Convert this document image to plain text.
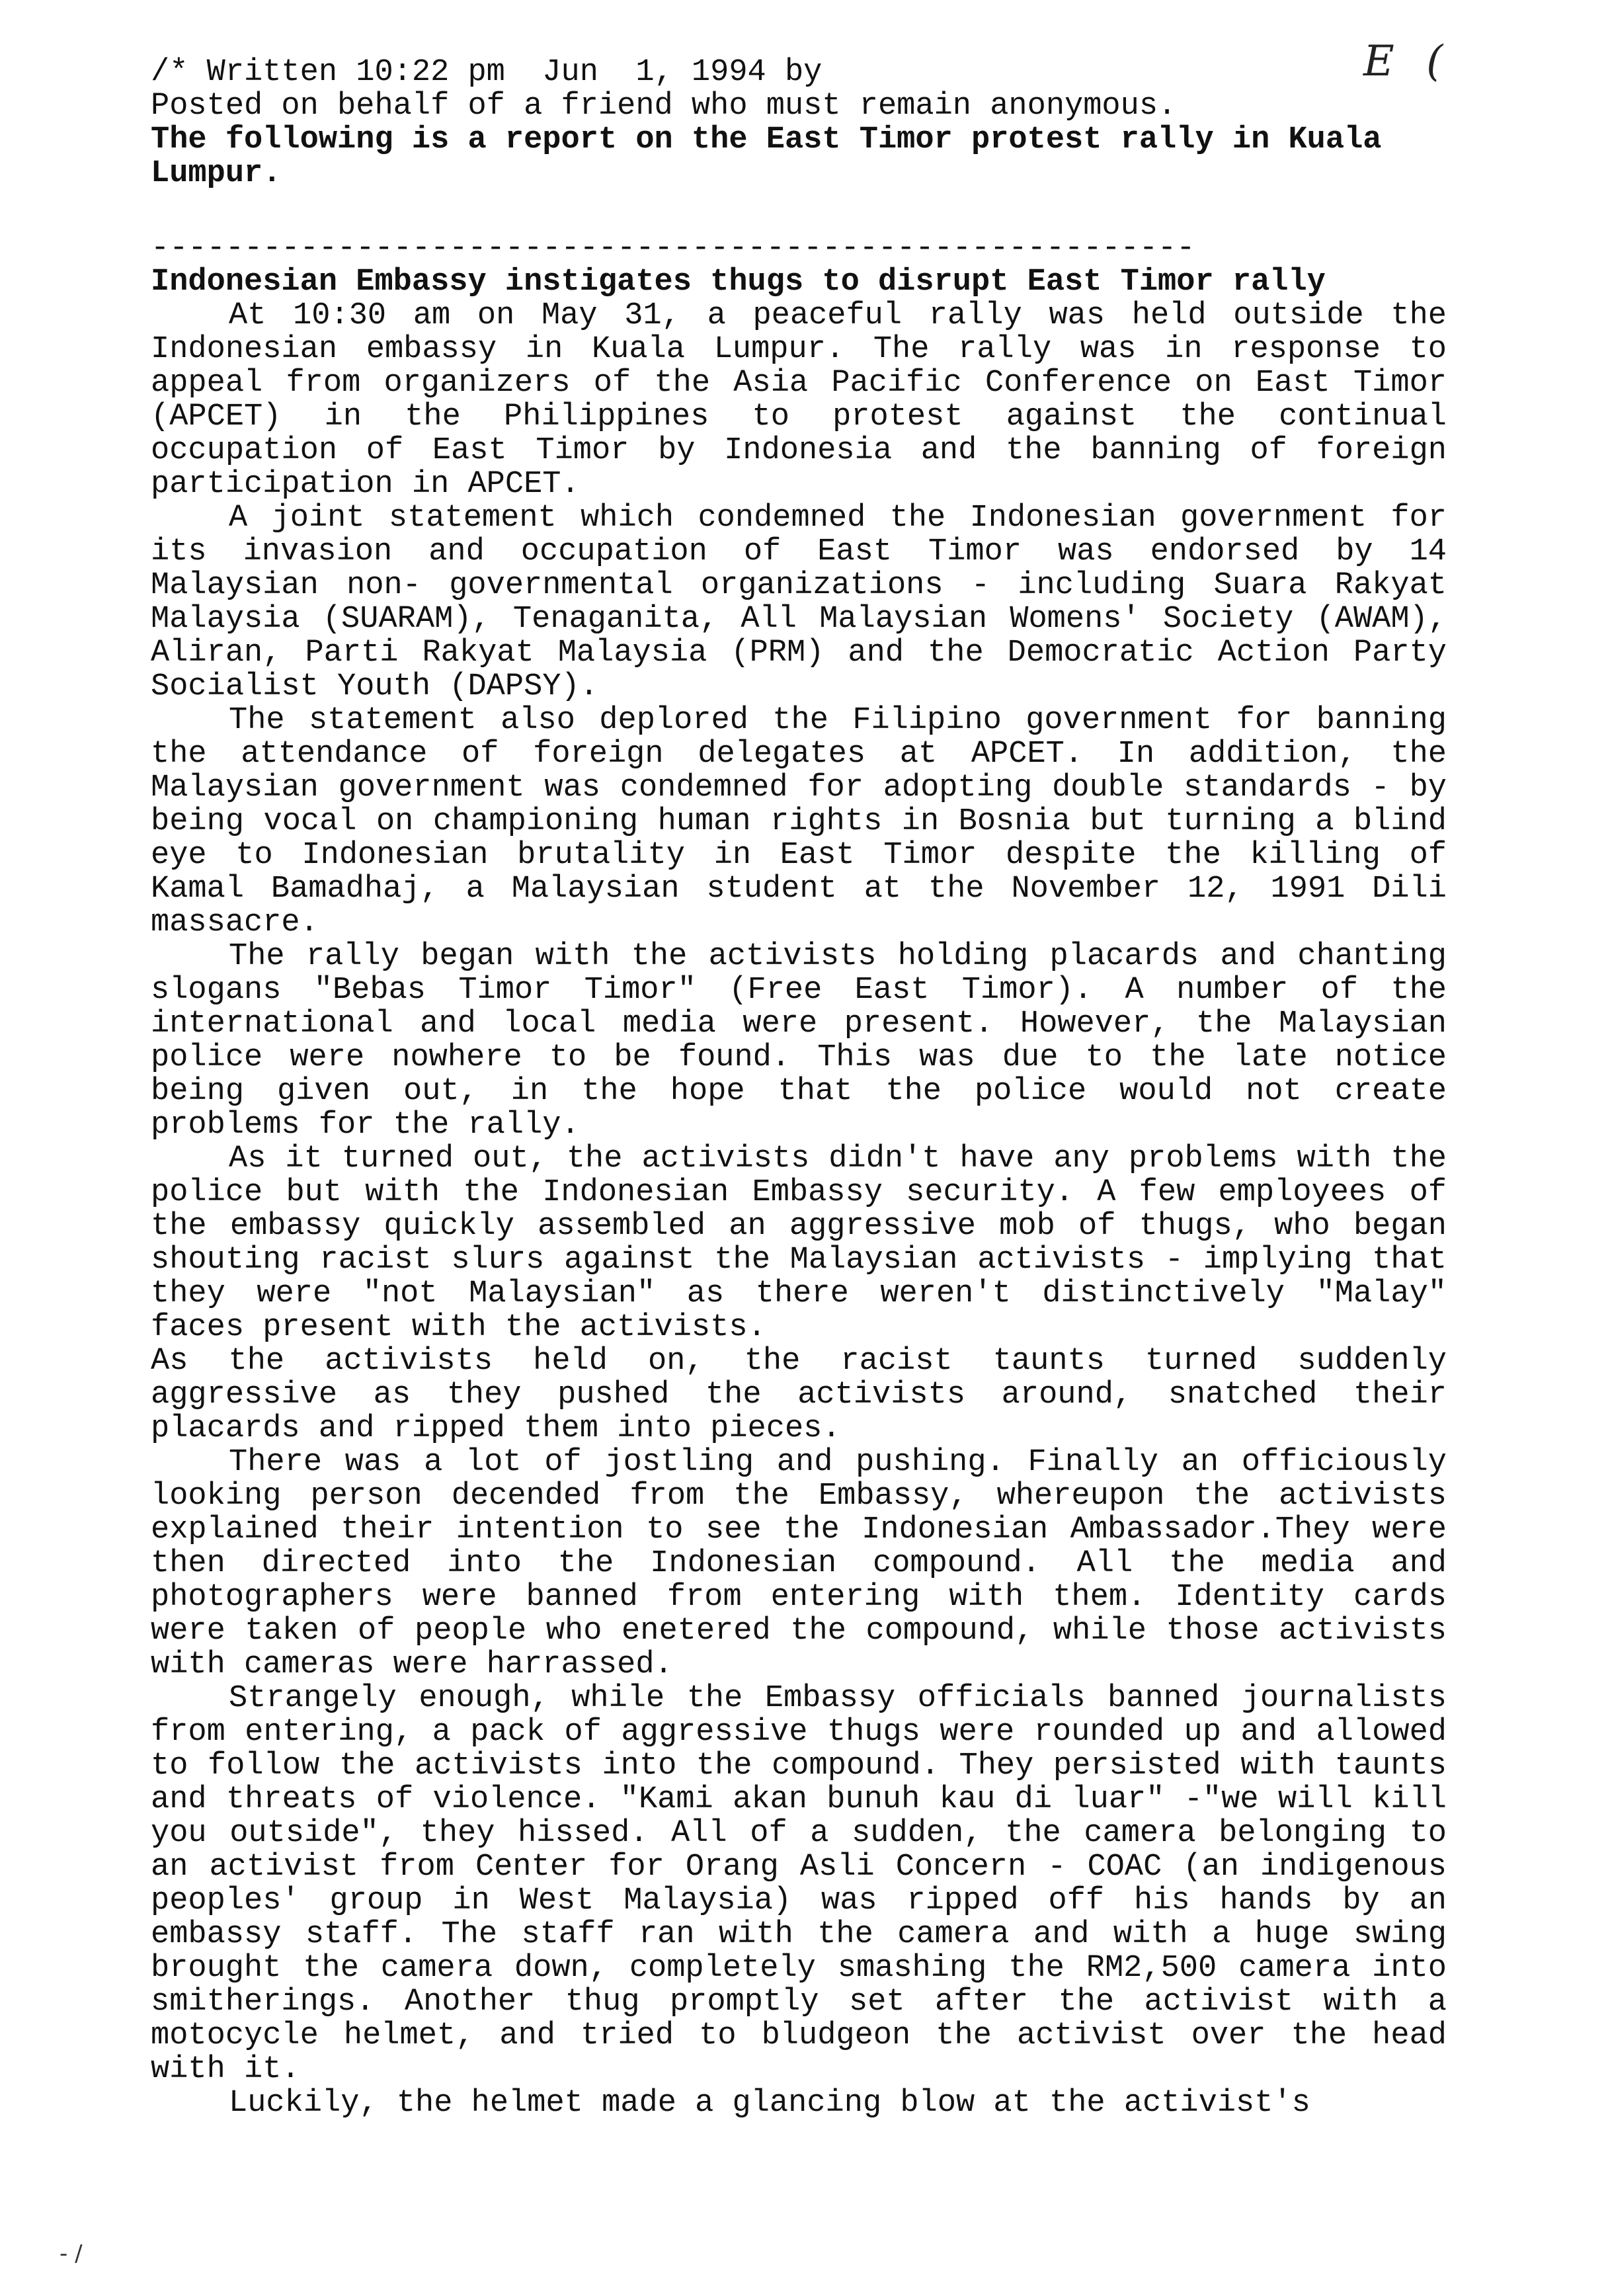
E (

/* Written 10:22 pm  Jun  1, 1994 by

Posted on behalf of a friend who must remain anonymous.

The following is a report on the East Timor protest rally in Kuala Lumpur.

--------------------------------------------------------

Indonesian Embassy instigates thugs to disrupt East Timor rally

At 10:30 am on May 31, a peaceful rally was held outside the Indonesian embassy in Kuala Lumpur. The rally was in response to appeal from organizers of the Asia Pacific Conference on East Timor (APCET) in the Philippines to protest against the continual occupation of East Timor by Indonesia and the banning of foreign participation in APCET.

A joint statement which condemned the Indonesian government for its invasion and occupation of East Timor was endorsed by 14 Malaysian non- governmental organizations - including Suara Rakyat Malaysia (SUARAM), Tenaganita, All Malaysian Womens' Society (AWAM), Aliran, Parti Rakyat Malaysia (PRM) and the Democratic Action Party Socialist Youth (DAPSY).

The statement also deplored the Filipino government for banning the attendance of foreign delegates at APCET. In addition, the Malaysian government was condemned for adopting double standards - by being vocal on championing human rights in Bosnia but turning a blind eye to Indonesian brutality in East Timor despite the killing of Kamal Bamadhaj, a Malaysian student at the November 12, 1991 Dili massacre.

The rally began with the activists holding placards and chanting slogans "Bebas Timor Timor" (Free East Timor). A number of the international and local media were present. However, the Malaysian police were nowhere to be found. This was due to the late notice being given out, in the hope that the police would not create problems for the rally.

As it turned out, the activists didn't have any problems with the police but with the Indonesian Embassy security. A few employees of the embassy quickly assembled an aggressive mob of thugs, who began shouting racist slurs against the Malaysian activists - implying that they were "not Malaysian" as there weren't distinctively "Malay" faces present with the activists.

As the activists held on, the racist taunts turned suddenly aggressive as they pushed the activists around, snatched their placards and ripped them into pieces.

There was a lot of jostling and pushing. Finally an officiously looking person decended from the Embassy, whereupon the activists explained their intention to see the Indonesian Ambassador.They were then directed into the Indonesian compound. All the media and photographers were banned from entering with them. Identity cards were taken of people who enetered the compound, while those activists with cameras were harrassed.

Strangely enough, while the Embassy officials banned journalists from entering, a pack of aggressive thugs were rounded up and allowed to follow the activists into the compound. They persisted with taunts and threats of violence. "Kami akan bunuh kau di luar" -"we will kill you outside", they hissed. All of a sudden, the camera belonging to an activist from Center for Orang Asli Concern - COAC (an indigenous peoples' group in West Malaysia) was ripped off his hands by an embassy staff. The staff ran with the camera and with a huge swing brought the camera down, completely smashing the RM2,500 camera into smitherings. Another thug promptly set after the activist with a motocycle helmet, and tried to bludgeon the activist over the head with it.

Luckily, the helmet made a glancing blow at the activist's

- /
